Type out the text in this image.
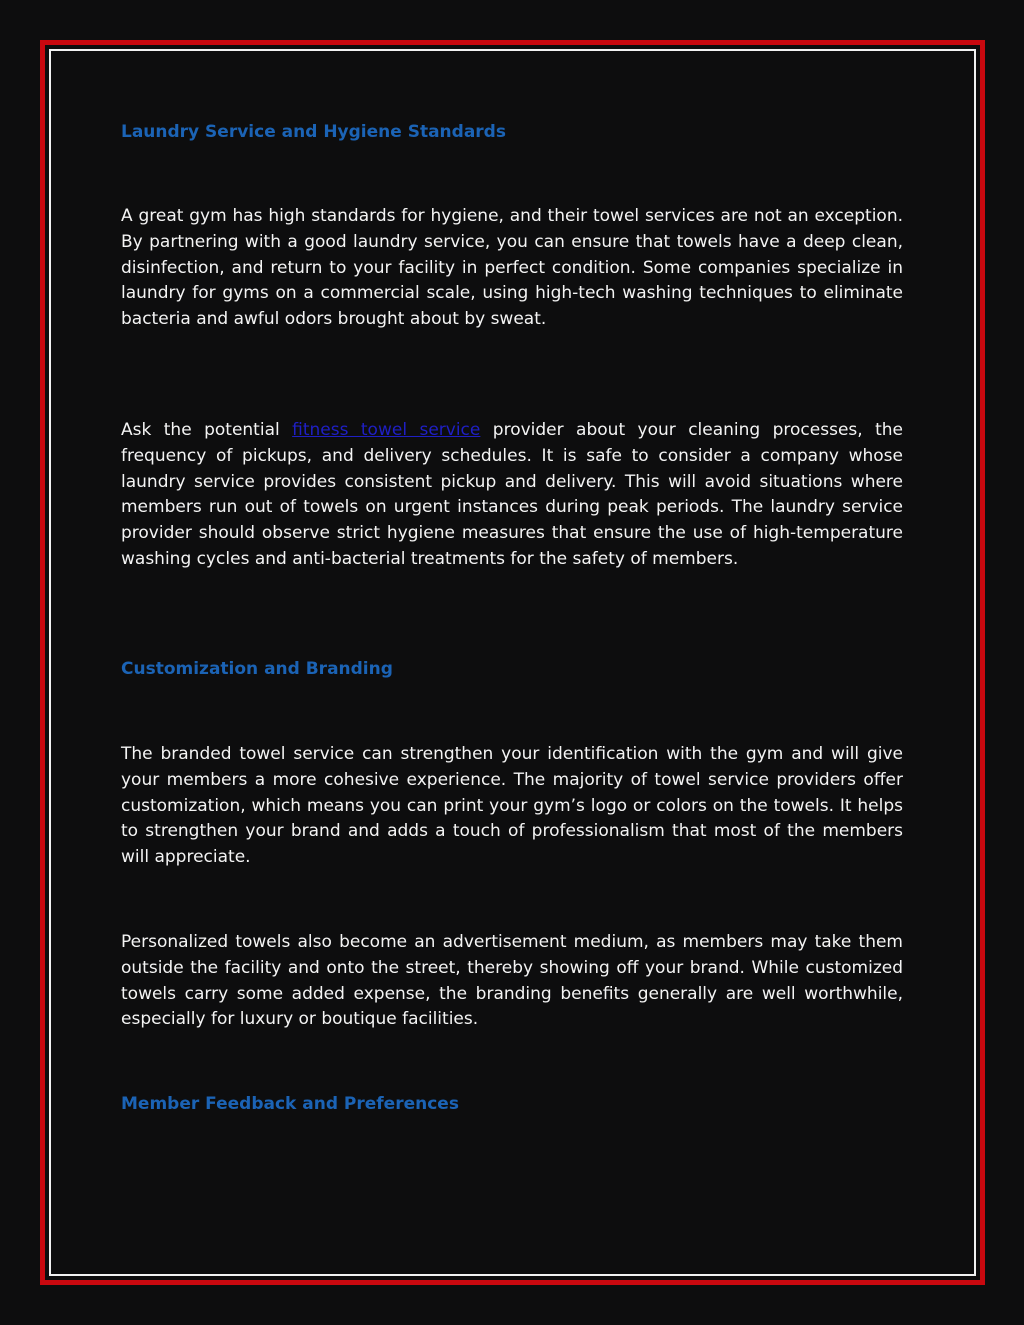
Laundry Service and Hygiene Standards

A great gym has high standards for hygiene, and their towel services are not an exception. By partnering with a good laundry service, you can ensure that towels have a deep clean, disinfection, and return to your facility in perfect condition. Some companies specialize in laundry for gyms on a commercial scale, using high-tech washing techniques to eliminate bacteria and awful odors brought about by sweat.

Ask the potential fitness towel service provider about your cleaning processes, the frequency of pickups, and delivery schedules. It is safe to consider a company whose laundry service provides consistent pickup and delivery. This will avoid situations where members run out of towels on urgent instances during peak periods. The laundry service provider should observe strict hygiene measures that ensure the use of high-temperature washing cycles and anti-bacterial treatments for the safety of members.

Customization and Branding

The branded towel service can strengthen your identification with the gym and will give your members a more cohesive experience. The majority of towel service providers offer customization, which means you can print your gym’s logo or colors on the towels. It helps to strengthen your brand and adds a touch of professionalism that most of the members will appreciate.

Personalized towels also become an advertisement medium, as members may take them outside the facility and onto the street, thereby showing off your brand. While customized towels carry some added expense, the branding benefits generally are well worthwhile, especially for luxury or boutique facilities.

Member Feedback and Preferences
